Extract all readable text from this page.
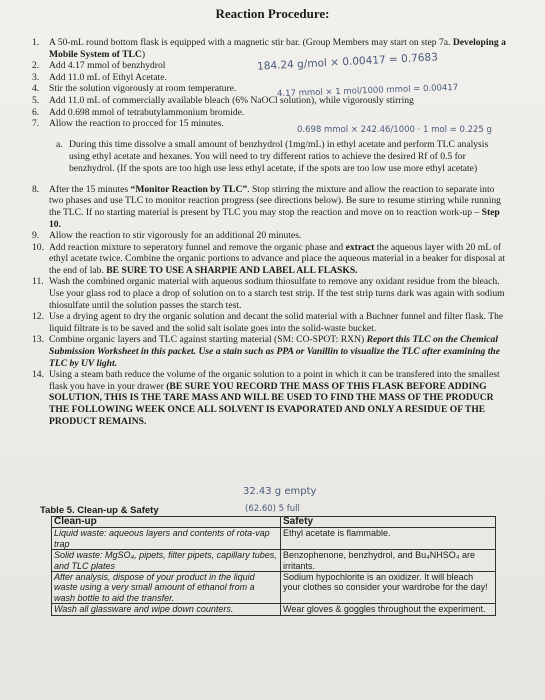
Reaction Procedure:

1. A 50-mL round bottom flask is equipped with a magnetic stir bar. (Group Members may start on step 7a. Developing a Mobile System of TLC)

2. Add 4.17 mmol of benzhydrol

3. Add 11.0 mL of Ethyl Acetate.

4. Stir the solution vigorously at room temperature.

5. Add 11.0 mL of commercially available bleach (6% NaOCl solution), while vigorously stirring

6. Add 0.698 mmol of tetrabutylammonium bromide.

7. Allow the reaction to procced for 15 minutes.

a. During this time dissolve a small amount of benzhydrol (1mg/mL) in ethyl acetate and perform TLC analysis using ethyl acetate and hexanes. You will need to try different ratios to achieve the desired Rf of 0.5 for benzhydrol. (If the spots are too high use less ethyl acetate, if the spots are too low use more ethyl acetate)

8. After the 15 minutes “Monitor Reaction by TLC”. Stop stirring the mixture and allow the reaction to separate into two phases and use TLC to monitor reaction progress (see directions below). Be sure to resume stirring while running the TLC. If no starting material is present by TLC you may stop the reaction and move on to reaction work-up – Step 10.

9. Allow the reaction to stir vigorously for an additional 20 minutes.

10. Add reaction mixture to seperatory funnel and remove the organic phase and extract the aqueous layer with 20 mL of ethyl acetate twice. Combine the organic portions to advance and place the aqueous material in a beaker for disposal at the end of lab. BE SURE TO USE A SHARPIE AND LABEL ALL FLASKS.

11. Wash the combined organic material with aqueous sodium thiosulfate to remove any oxidant residue from the bleach. Use your glass rod to place a drop of solution on to a starch test strip. If the test strip turns dark was again with sodium thiosulfate until the solution passes the starch test.

12. Use a drying agent to dry the organic solution and decant the solid material with a Buchner funnel and filter flask. The liquid filtrate is to be saved and the solid salt isolate goes into the solid-waste bucket.

13. Combine organic layers and TLC against starting material (SM: CO-SPOT: RXN) Report this TLC on the Chemical Submission Worksheet in this packet. Use a stain such as PPA or Vanillin to visualize the TLC after examining the TLC by UV light.

14. Using a steam bath reduce the volume of the organic solution to a point in which it can be transfered into the smallest flask you have in your drawer (BE SURE YOU RECORD THE MASS OF THIS FLASK BEFORE ADDING SOLUTION, THIS IS THE TARE MASS AND WILL BE USED TO FIND THE MASS OF THE PRODUCR THE FOLLOWING WEEK ONCE ALL SOLVENT IS EVAPORATED AND ONLY A RESIDUE OF THE PRODUCT REMAINS.

184.24 g/mol × 0.00417 = 0.7683
4.17 mmol × 1 mol/1000 mmol = 0.00417
0.698 mmol × 242.46/1000 · 1 mol = 0.225 g
32.43 g empty
(62.60) 5 full
Table 5. Clean-up & Safety
Clean-up	Safety
Liquid waste: aqueous layers and contents of rota-vap trap	Ethyl acetate is flammable.
Solid waste: MgSO₄, pipets, filter pipets, capillary tubes, and TLC plates	Benzophenone, benzhydrol, and Bu₄NHSO₄ are irritants.
After analysis, dispose of your product in the liquid waste using a very small amount of ethanol from a wash bottle to aid the transfer.	Sodium hypochlorite is an oxidizer. It will bleach your clothes so consider your wardrobe for the day!
Wash all glassware and wipe down counters.	Wear gloves & goggles throughout the experiment.
